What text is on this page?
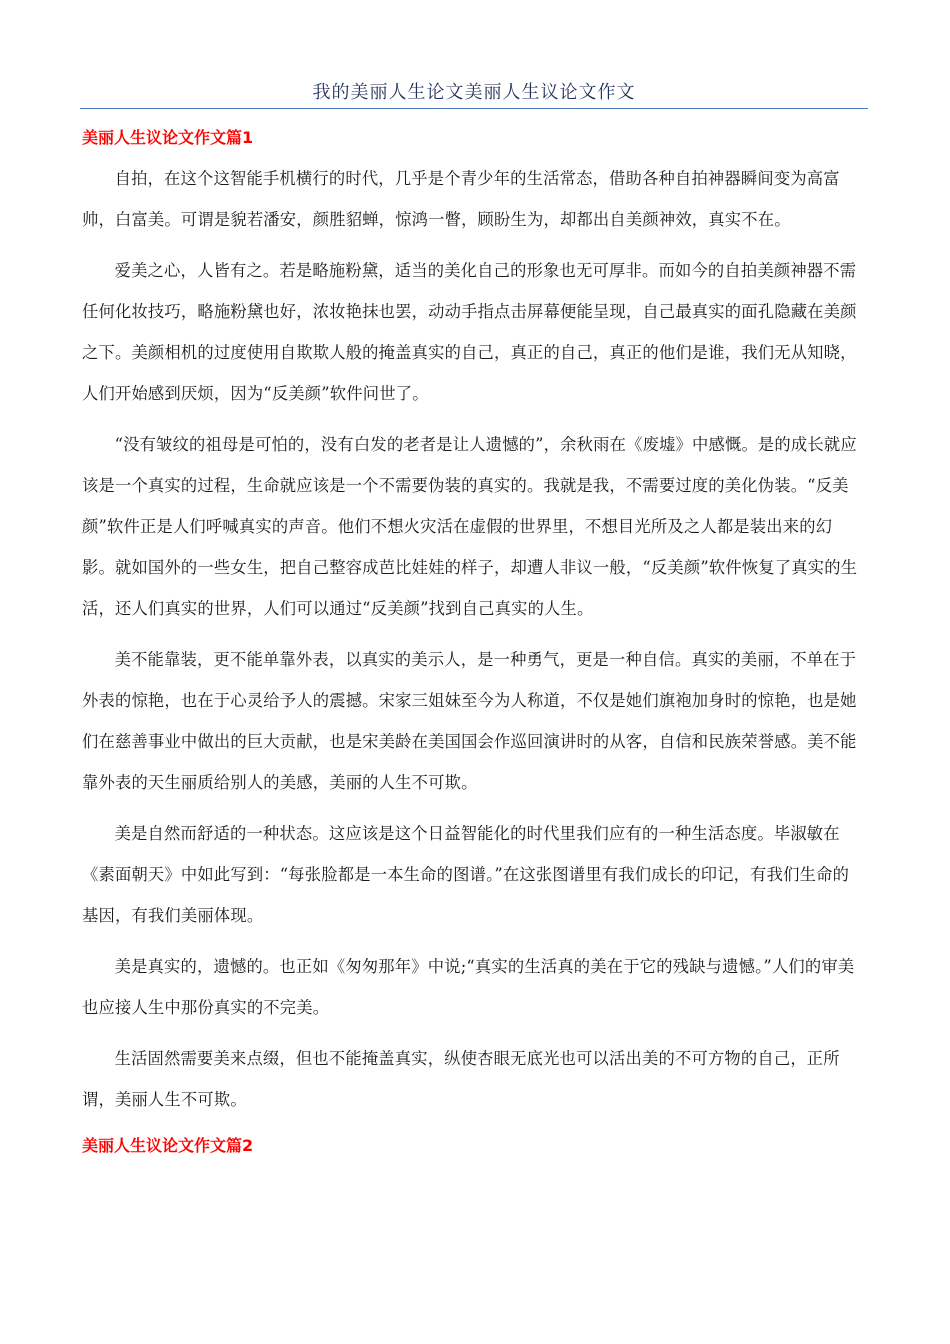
我的美丽人生论文美丽人生议论文作文
美丽人生议论文作文篇1

自拍，在这个这智能手机横行的时代，几乎是个青少年的生活常态，借助各种自拍神器瞬间变为高富帅，白富美。可谓是貌若潘安，颜胜貂蝉，惊鸿一瞥，顾盼生为，却都出自美颜神效，真实不在。

爱美之心，人皆有之。若是略施粉黛，适当的美化自己的形象也无可厚非。而如今的自拍美颜神器不需任何化妆技巧，略施粉黛也好，浓妆艳抹也罢，动动手指点击屏幕便能呈现，自己最真实的面孔隐藏在美颜之下。美颜相机的过度使用自欺欺人般的掩盖真实的自己，真正的自己，真正的他们是谁，我们无从知晓，人们开始感到厌烦，因为“反美颜”软件问世了。

“没有皱纹的祖母是可怕的，没有白发的老者是让人遗憾的”，余秋雨在《废墟》中感慨。是的成长就应该是一个真实的过程，生命就应该是一个不需要伪装的真实的。我就是我，不需要过度的美化伪装。“反美颜”软件正是人们呼喊真实的声音。他们不想火灾活在虚假的世界里，不想目光所及之人都是装出来的幻影。就如国外的一些女生，把自己整容成芭比娃娃的样子，却遭人非议一般，“反美颜”软件恢复了真实的生活，还人们真实的世界，人们可以通过“反美颜”找到自己真实的人生。

美不能靠装，更不能单靠外表，以真实的美示人，是一种勇气，更是一种自信。真实的美丽，不单在于外表的惊艳，也在于心灵给予人的震撼。宋家三姐妹至今为人称道，不仅是她们旗袍加身时的惊艳，也是她们在慈善事业中做出的巨大贡献，也是宋美龄在美国国会作巡回演讲时的从客，自信和民族荣誉感。美不能靠外表的天生丽质给别人的美感，美丽的人生不可欺。

美是自然而舒适的一种状态。这应该是这个日益智能化的时代里我们应有的一种生活态度。毕淑敏在《素面朝天》中如此写到：“每张脸都是一本生命的图谱。”在这张图谱里有我们成长的印记，有我们生命的基因，有我们美丽体现。

美是真实的，遗憾的。也正如《匆匆那年》中说;“真实的生活真的美在于它的残缺与遗憾。”人们的审美也应接人生中那份真实的不完美。

生活固然需要美来点缀，但也不能掩盖真实，纵使杏眼无底光也可以活出美的不可方物的自己，正所谓，美丽人生不可欺。

美丽人生议论文作文篇2
